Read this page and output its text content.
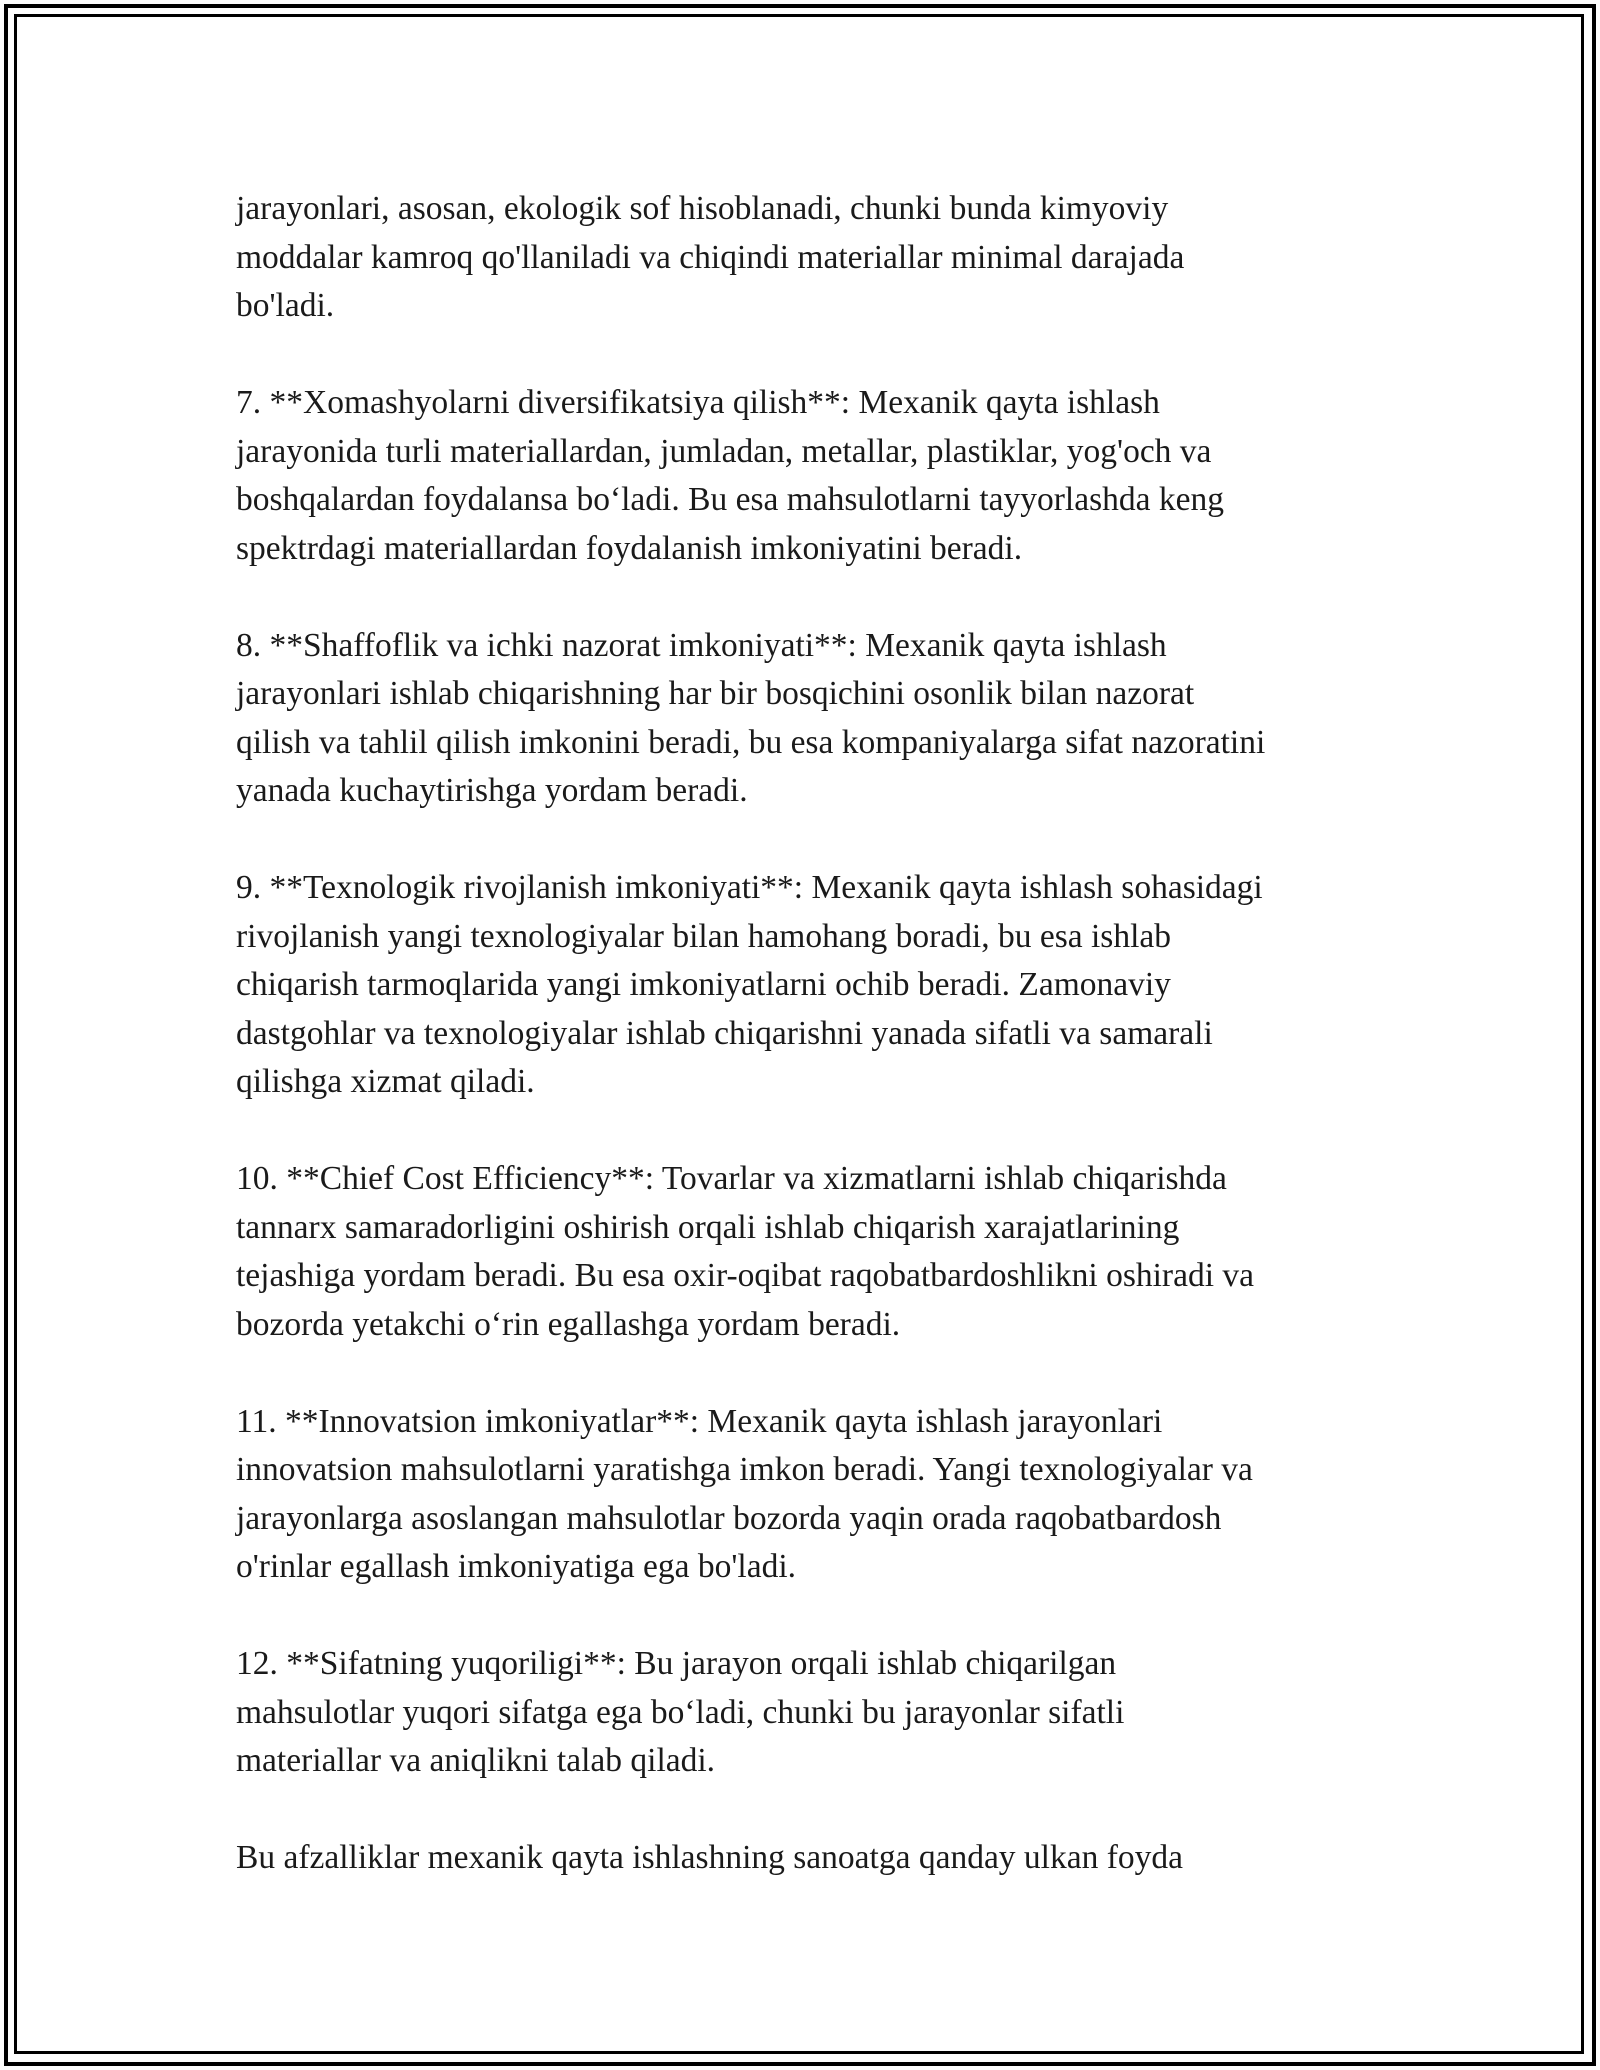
jarayonlari, asosan, ekologik sof hisoblanadi, chunki bunda kimyoviy
moddalar kamroq qo'llaniladi va chiqindi materiallar minimal darajada
bo'ladi.

7. **Xomashyolarni diversifikatsiya qilish**: Mexanik qayta ishlash
jarayonida turli materiallardan, jumladan, metallar, plastiklar, yog'och va
boshqalardan foydalansa bo‘ladi. Bu esa mahsulotlarni tayyorlashda keng
spektrdagi materiallardan foydalanish imkoniyatini beradi.

8. **Shaffoflik va ichki nazorat imkoniyati**: Mexanik qayta ishlash
jarayonlari ishlab chiqarishning har bir bosqichini osonlik bilan nazorat
qilish va tahlil qilish imkonini beradi, bu esa kompaniyalarga sifat nazoratini
yanada kuchaytirishga yordam beradi.

9. **Texnologik rivojlanish imkoniyati**: Mexanik qayta ishlash sohasidagi
rivojlanish yangi texnologiyalar bilan hamohang boradi, bu esa ishlab
chiqarish tarmoqlarida yangi imkoniyatlarni ochib beradi. Zamonaviy
dastgohlar va texnologiyalar ishlab chiqarishni yanada sifatli va samarali
qilishga xizmat qiladi.

10. **Chief Cost Efficiency**: Tovarlar va xizmatlarni ishlab chiqarishda
tannarx samaradorligini oshirish orqali ishlab chiqarish xarajatlarining
tejashiga yordam beradi. Bu esa oxir-oqibat raqobatbardoshlikni oshiradi va
bozorda yetakchi o‘rin egallashga yordam beradi.

11. **Innovatsion imkoniyatlar**: Mexanik qayta ishlash jarayonlari
innovatsion mahsulotlarni yaratishga imkon beradi. Yangi texnologiyalar va
jarayonlarga asoslangan mahsulotlar bozorda yaqin orada raqobatbardosh
o'rinlar egallash imkoniyatiga ega bo'ladi.

12. **Sifatning yuqoriligi**: Bu jarayon orqali ishlab chiqarilgan
mahsulotlar yuqori sifatga ega bo‘ladi, chunki bu jarayonlar sifatli
materiallar va aniqlikni talab qiladi.

Bu afzalliklar mexanik qayta ishlashning sanoatga qanday ulkan foyda
